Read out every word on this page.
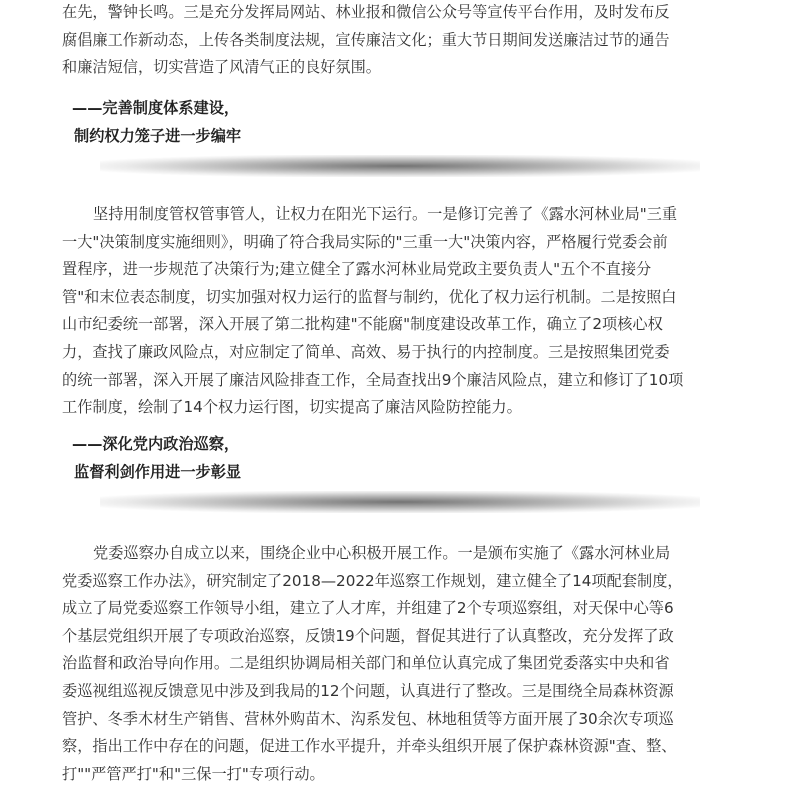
在先，警钟长鸣。三是充分发挥局网站、林业报和微信公众号等宣传平台作用，及时发布反
腐倡廉工作新动态，上传各类制度法规，宣传廉洁文化；重大节日期间发送廉洁过节的通告
和廉洁短信，切实营造了风清气正的良好氛围。
——完善制度体系建设，
制约权力笼子进一步编牢
坚持用制度管权管事管人，让权力在阳光下运行。一是修订完善了《露水河林业局"三重
一大"决策制度实施细则》，明确了符合我局实际的"三重一大"决策内容，严格履行党委会前
置程序，进一步规范了决策行为;建立健全了露水河林业局党政主要负责人"五个不直接分
管"和末位表态制度，切实加强对权力运行的监督与制约，优化了权力运行机制。二是按照白
山市纪委统一部署，深入开展了第二批构建"不能腐"制度建设改革工作，确立了2项核心权
力，查找了廉政风险点，对应制定了简单、高效、易于执行的内控制度。三是按照集团党委
的统一部署，深入开展了廉洁风险排查工作，全局查找出9个廉洁风险点，建立和修订了10项
工作制度，绘制了14个权力运行图，切实提高了廉洁风险防控能力。
——深化党内政治巡察，
监督利剑作用进一步彰显
党委巡察办自成立以来，围绕企业中心积极开展工作。一是颁布实施了《露水河林业局
党委巡察工作办法》，研究制定了2018—2022年巡察工作规划，建立健全了14项配套制度，
成立了局党委巡察工作领导小组，建立了人才库，并组建了2个专项巡察组，对天保中心等6
个基层党组织开展了专项政治巡察，反馈19个问题，督促其进行了认真整改，充分发挥了政
治监督和政治导向作用。二是组织协调局相关部门和单位认真完成了集团党委落实中央和省
委巡视组巡视反馈意见中涉及到我局的12个问题，认真进行了整改。三是围绕全局森林资源
管护、冬季木材生产销售、营林外购苗木、沟系发包、林地租赁等方面开展了30余次专项巡
察，指出工作中存在的问题，促进工作水平提升，并牵头组织开展了保护森林资源"查、整、
打""严管严打"和"三保一打"专项行动。
